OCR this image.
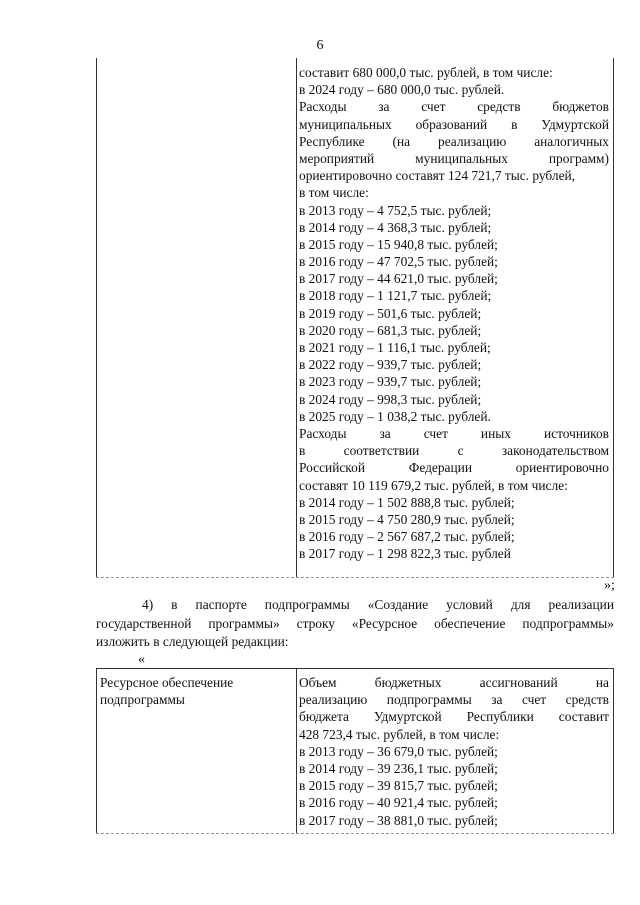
6
составит 680 000,0 тыс. рублей, в том числе:
в 2024 году – 680 000,0 тыс. рублей.
Расходы за счет средств бюджетов
муниципальных образований в Удмуртской
Республике (на реализацию аналогичных
мероприятий муниципальных программ)
ориентировочно составят 124 721,7 тыс. рублей,
в том числе:
в 2013 году – 4 752,5 тыс. рублей;
в 2014 году – 4 368,3 тыс. рублей;
в 2015 году – 15 940,8 тыс. рублей;
в 2016 году – 47 702,5 тыс. рублей;
в 2017 году – 44 621,0 тыс. рублей;
в 2018 году – 1 121,7 тыс. рублей;
в 2019 году – 501,6 тыс. рублей;
в 2020 году – 681,3 тыс. рублей;
в 2021 году – 1 116,1 тыс. рублей;
в 2022 году – 939,7 тыс. рублей;
в 2023 году – 939,7 тыс. рублей;
в 2024 году – 998,3 тыс. рублей;
в 2025 году – 1 038,2 тыс. рублей.
Расходы за счет иных источников
в соответствии с законодательством
Российской Федерации ориентировочно
составят 10 119 679,2 тыс. рублей, в том числе:
в 2014 году – 1 502 888,8 тыс. рублей;
в 2015 году – 4 750 280,9 тыс. рублей;
в 2016 году – 2 567 687,2 тыс. рублей;
в 2017 году – 1 298 822,3 тыс. рублей
»;
4) в паспорте подпрограммы «Создание условий для реализации
государственной программы» строку «Ресурсное обеспечение подпрограммы»
изложить в следующей редакции:
«
Ресурсное обеспечение
подпрограммы
Объем бюджетных ассигнований на
реализацию подпрограммы за счет средств
бюджета Удмуртской Республики составит
428 723,4 тыс. рублей, в том числе:
в 2013 году – 36 679,0 тыс. рублей;
в 2014 году – 39 236,1 тыс. рублей;
в 2015 году – 39 815,7 тыс. рублей;
в 2016 году – 40 921,4 тыс. рублей;
в 2017 году – 38 881,0 тыс. рублей;
